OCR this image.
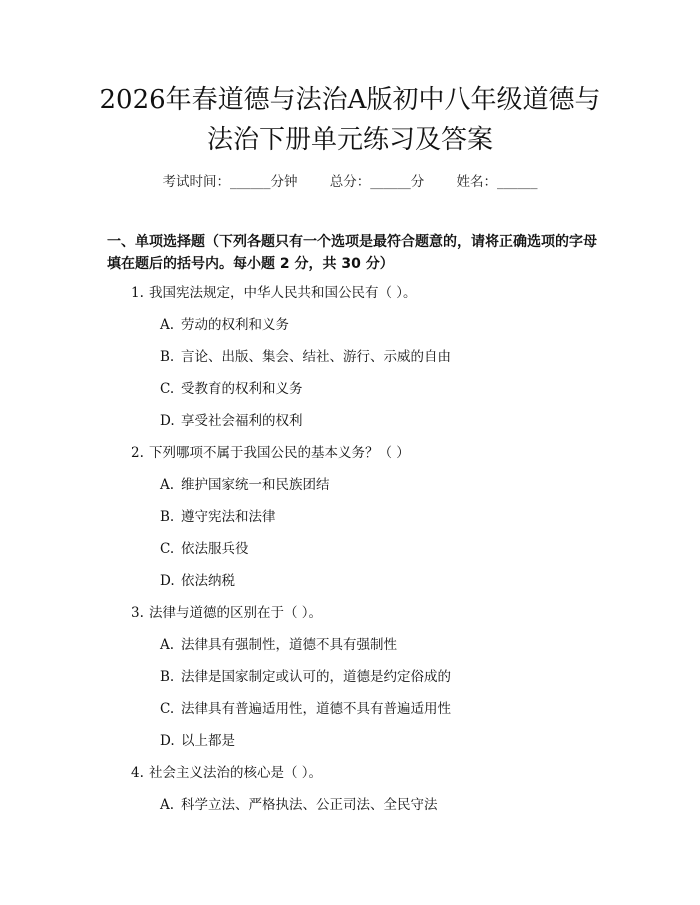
2026年春道德与法治A版初中八年级道德与
法治下册单元练习及答案
考试时间：______分钟 总分：______分 姓名：______
一、单项选择题（下列各题只有一个选项是最符合题意的，请将正确选项的字母填在题后的括号内。每小题 2 分，共 30 分）
1. 我国宪法规定，中华人民共和国公民有（ ）。
A. 劳动的权利和义务
B. 言论、出版、集会、结社、游行、示威的自由
C. 受教育的权利和义务
D. 享受社会福利的权利
2. 下列哪项不属于我国公民的基本义务？（ ）
A. 维护国家统一和民族团结
B. 遵守宪法和法律
C. 依法服兵役
D. 依法纳税
3. 法律与道德的区别在于（ ）。
A. 法律具有强制性，道德不具有强制性
B. 法律是国家制定或认可的，道德是约定俗成的
C. 法律具有普遍适用性，道德不具有普遍适用性
D. 以上都是
4. 社会主义法治的核心是（ ）。
A. 科学立法、严格执法、公正司法、全民守法
